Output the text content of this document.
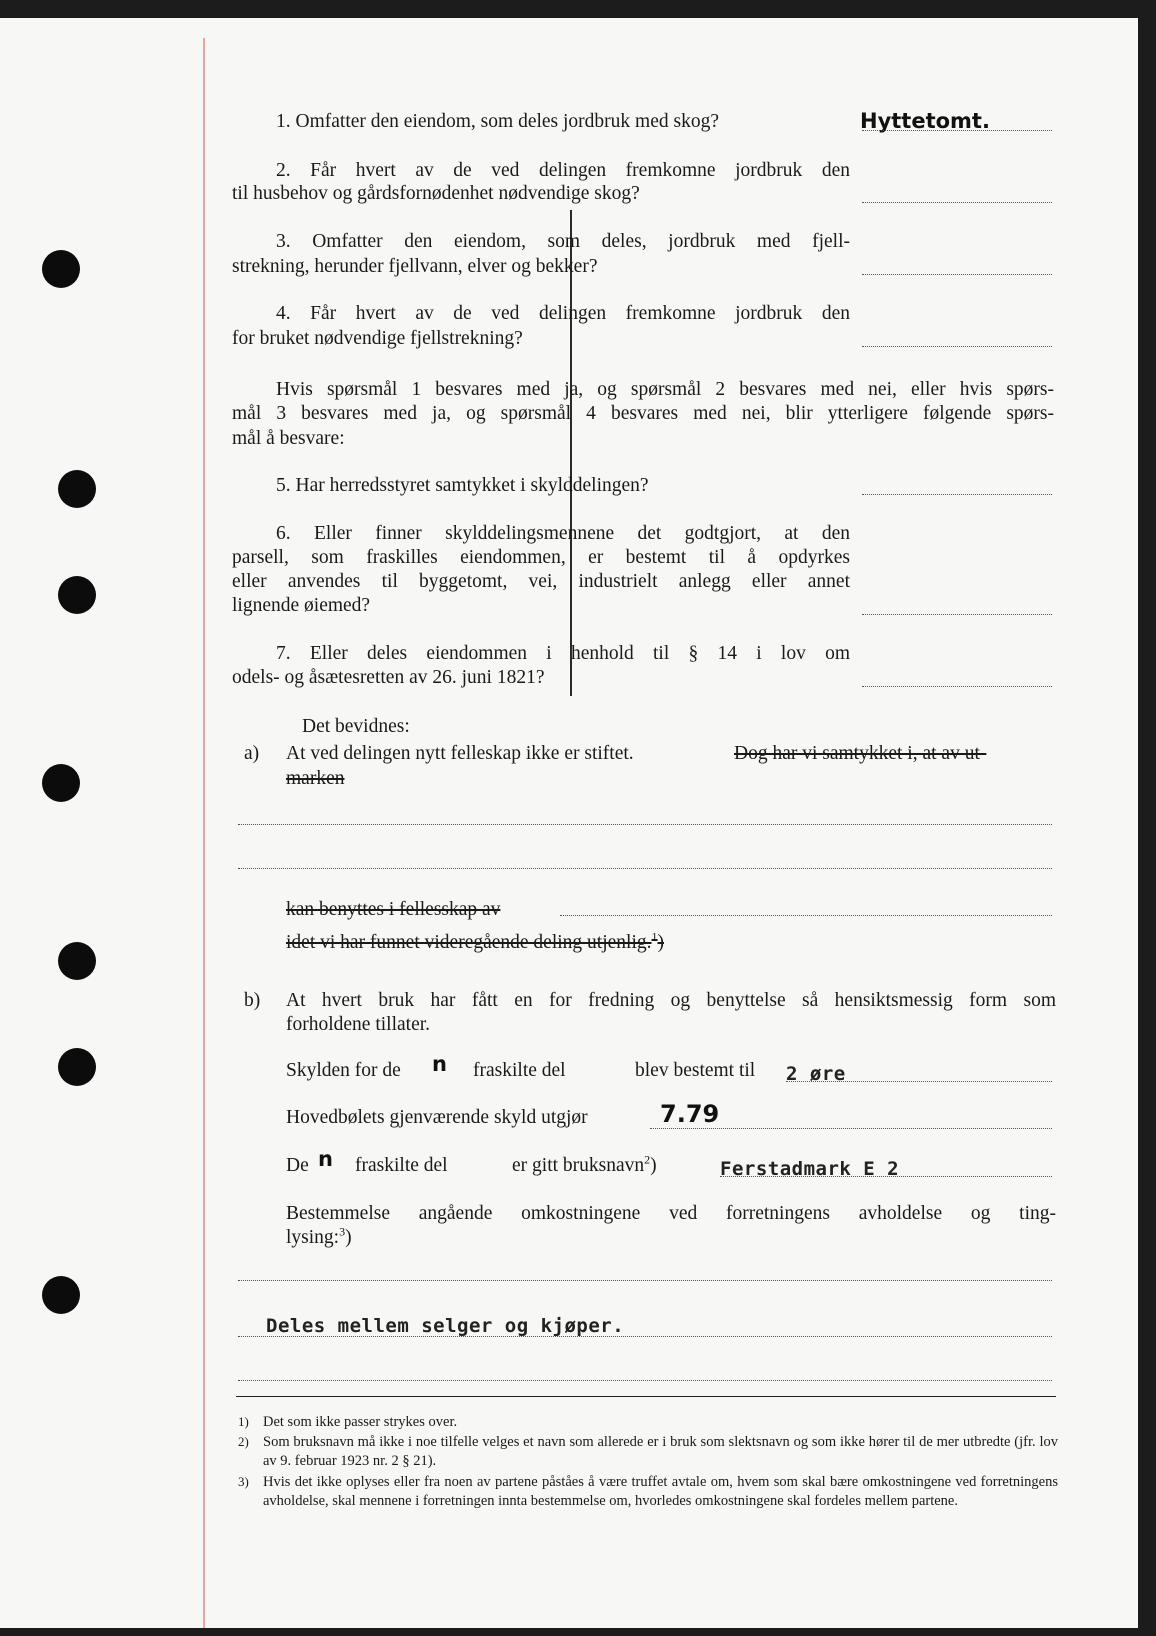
1. Omfatter den eiendom, som deles jordbruk med skog?	Hyttetomt.
2. Får hvert av de ved delingen fremkomne jordbruk den
til husbehov og gårdsfornødenhet nødvendige skog?
3. Omfatter den eiendom, som deles, jordbruk med fjell-
strekning, herunder fjellvann, elver og bekker?
4. Får hvert av de ved delingen fremkomne jordbruk den
for bruket nødvendige fjellstrekning?
Hvis spørsmål 1 besvares med ja, og spørsmål 2 besvares med nei, eller hvis spørs-
mål 3 besvares med ja, og spørsmål 4 besvares med nei, blir ytterligere følgende spørs-
mål å besvare:
5. Har herredsstyret samtykket i skylddelingen?
6. Eller finner skylddelingsmennene det godtgjort, at den
parsell, som fraskilles eiendommen, er bestemt til å opdyrkes
eller anvendes til byggetomt, vei, industrielt anlegg eller annet
lignende øiemed?
7. Eller deles eiendommen i henhold til § 14 i lov om
odels- og åsætesretten av 26. juni 1821?
Det bevidnes:
a) At ved delingen nytt felleskap ikke er stiftet.	Dog har vi samtykket i, at av ut-
marken
kan benyttes i fellesskap av
idet vi har funnet videregående deling utjenlig.$^1$)
b) At hvert bruk har fått en for fredning og benyttelse så hensiktsmessig form som
forholdene tillater.
Skylden for de n fraskilte del	blev bestemt til 2 øre
Hovedbølets gjenværende skyld utgjør	7.79
De n fraskilte del	er gitt bruksnavn$^2$)	Ferstadmark E 2
Bestemmelse angående omkostningene ved forretningens avholdelse og ting-
lysing:$^3$)
Deles mellem selger og kjøper.
1) Det som ikke passer strykes over.
2) Som bruksnavn må ikke i noe tilfelle velges et navn som allerede er i bruk som slektsnavn og som ikke hører til de mer utbredte (jfr. lov av 9. februar 1923 nr. 2 § 21).
3) Hvis det ikke oplyses eller fra noen av partene påståes å være truffet avtale om, hvem som skal bære omkostningene ved forretningens avholdelse, skal mennene i forretningen innta bestemmelse om, hvorledes omkostningene skal fordeles mellem partene.
